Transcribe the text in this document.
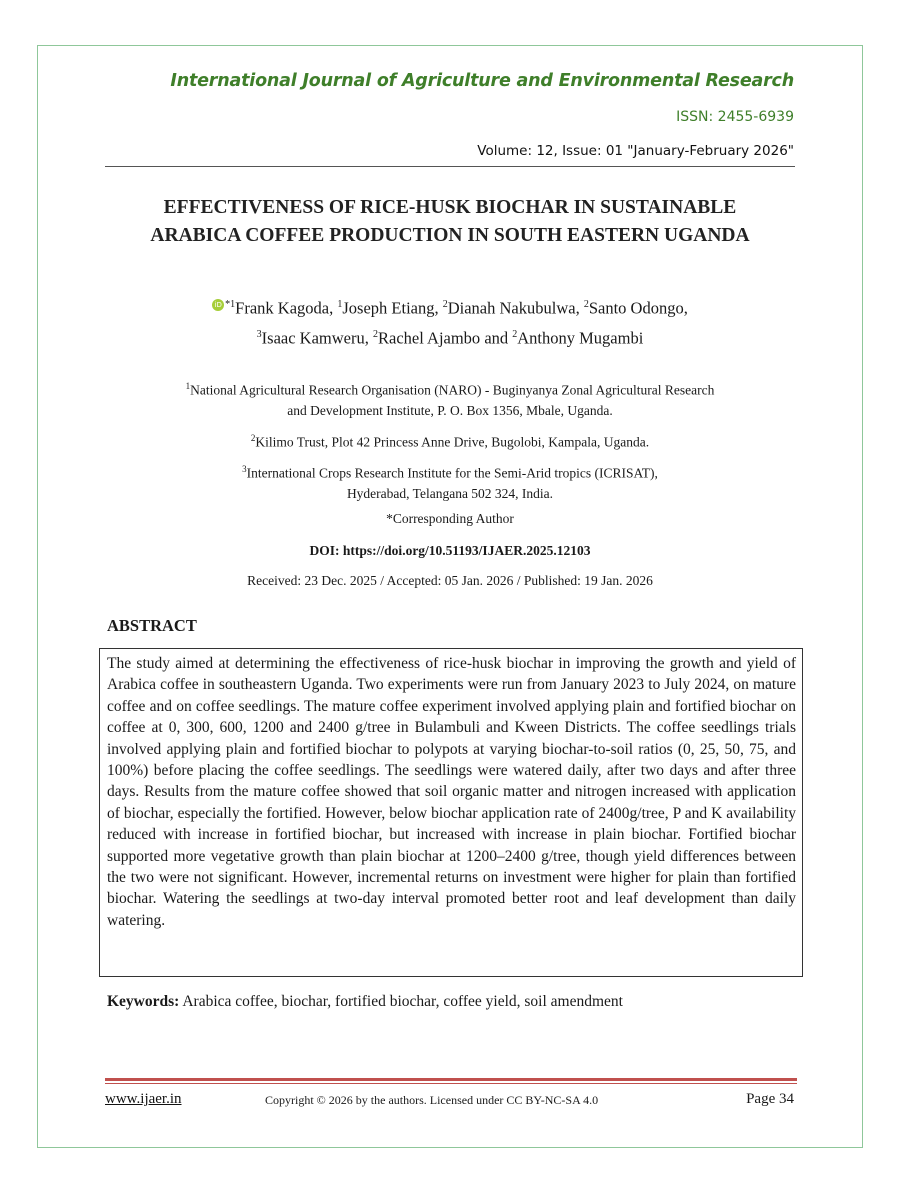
International Journal of Agriculture and Environmental Research
ISSN: 2455-6939
Volume: 12, Issue: 01 "January-February 2026"
EFFECTIVENESS OF RICE-HUSK BIOCHAR IN SUSTAINABLE
ARABICA COFFEE PRODUCTION IN SOUTH EASTERN UGANDA
iD $^{*1}$Frank Kagoda, $^1$Joseph Etiang, $^2$Dianah Nakubulwa, $^2$Santo Odongo,
$^3$Isaac Kamweru, $^2$Rachel Ajambo and $^2$Anthony Mugambi
$^1$National Agricultural Research Organisation (NARO) - Buginyanya Zonal Agricultural Research
and Development Institute, P. O. Box 1356, Mbale, Uganda.
$^2$Kilimo Trust, Plot 42 Princess Anne Drive, Bugolobi, Kampala, Uganda.
$^3$International Crops Research Institute for the Semi-Arid tropics (ICRISAT),
Hyderabad, Telangana 502 324, India.
*Corresponding Author
DOI: https://doi.org/10.51193/IJAER.2025.12103
Received: 23 Dec. 2025 / Accepted: 05 Jan. 2026 / Published: 19 Jan. 2026
ABSTRACT
The study aimed at determining the effectiveness of rice-husk biochar in improving the growth and yield of Arabica coffee in southeastern Uganda. Two experiments were run from January 2023 to July 2024, on mature coffee and on coffee seedlings. The mature coffee experiment involved applying plain and fortified biochar on coffee at 0, 300, 600, 1200 and 2400 g/tree in Bulambuli and Kween Districts. The coffee seedlings trials involved applying plain and fortified biochar to polypots at varying biochar-to-soil ratios (0, 25, 50, 75, and 100%) before placing the coffee seedlings. The seedlings were watered daily, after two days and after three days. Results from the mature coffee showed that soil organic matter and nitrogen increased with application of biochar, especially the fortified. However, below biochar application rate of 2400g/tree, P and K availability reduced with increase in fortified biochar, but increased with increase in plain biochar. Fortified biochar supported more vegetative growth than plain biochar at 1200–2400 g/tree, though yield differences between the two were not significant. However, incremental returns on investment were higher for plain than fortified biochar. Watering the seedlings at two-day interval promoted better root and leaf development than daily watering.
Keywords: Arabica coffee, biochar, fortified biochar, coffee yield, soil amendment
www.ijaer.in	Copyright © 2026 by the authors. Licensed under CC BY-NC-SA 4.0	Page 34
